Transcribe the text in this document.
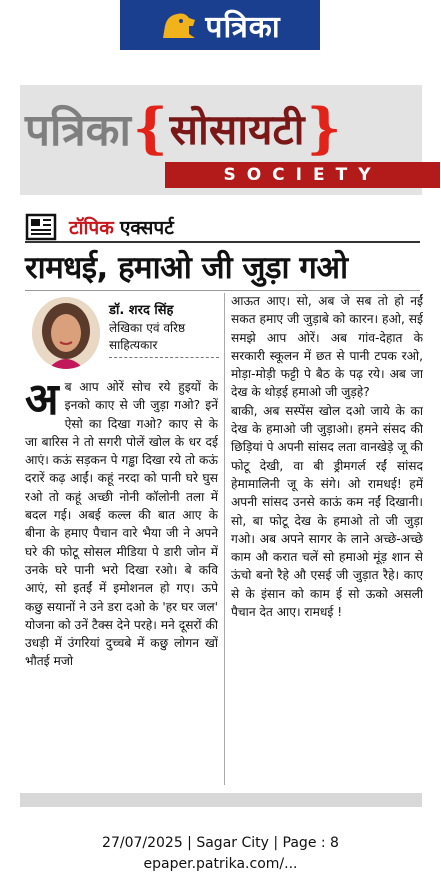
पत्रिका
पत्रिका { सोसायटी }
SOCIETY
टॉपिक एक्सपर्ट
रामधई, हमाओ जी जुड़ा गओ
डॉ. शरद सिंह
लेखिका एवं वरिष्ठ साहित्यकार
अ ब आप ओरें सोच रये हुइयों के इनको काए से जी जुड़ा गओ? इनें ऐसो का दिखा गओ? काए से के जा बारिस ने तो सगरी पोलें खोल के धर दई आएं। कऊं सड़कन पे गड्ढा दिखा रये तो कऊं दरारें कढ़ आईं। कहूं नरदा को पानी घरे घुस रओ तो कहूं अच्छी नोनी कॉलोनी तला में बदल गई। अबई कल्ल की बात आए के बीना के हमाए पैचान वारे भैया जी ने अपने घरे की फोटू सोसल मीडिया पे डारी जोन में उनके घरे पानी भरो दिखा रओ। बे कवि आएं, सो इतईं में इमोशनल हो गए। ऊपे कछु सयानों ने उने डरा दओ के 'हर घर जल' योजना को उनें टैक्स देने परहे। मने दूसरों की उधड़ी में उंगरियां दुच्चबे में कछु लोगन खों भौतई मजो

आऊत आए। सो, अब जे सब तो हो नईं सकत हमाए जी जुड़ाबे को कारन। हओ, सई समझे आप ओरें। अब गांव-देहात के सरकारी स्कूलन में छत से पानी टपक रओ, मोड़ा-मोड़ी फट्टी पे बैठ के पढ़ रये। अब जा देख के थोड़ई हमाओ जी जुड़हे?

बाकी, अब सस्पेंस खोल दओ जाये के का देख के हमाओ जी जुड़ाओ। हमने संसद की छिड़ियां पे अपनी सांसद लता वानखेड़े जू की फोटू देखी, वा बी ड्रीमगर्ल रईं सांसद हेमामालिनी जू के संगे। ओ रामधई! हमें अपनी सांसद उनसे काऊं कम नईं दिखानी। सो, बा फोटू देख के हमाओ तो जी जुड़ा गओ। अब अपने सागर के लाने अच्छे-अच्छे काम औ करात चलें सो हमाओ मूंड़ शान से ऊंचो बनो रैहे औ एसई जी जुड़ात रैहे। काए से के इंसान को काम ई सो ऊको असली पैचान देत आए। रामधई !

27/07/2025 | Sagar City | Page : 8
epaper.patrika.com/...
